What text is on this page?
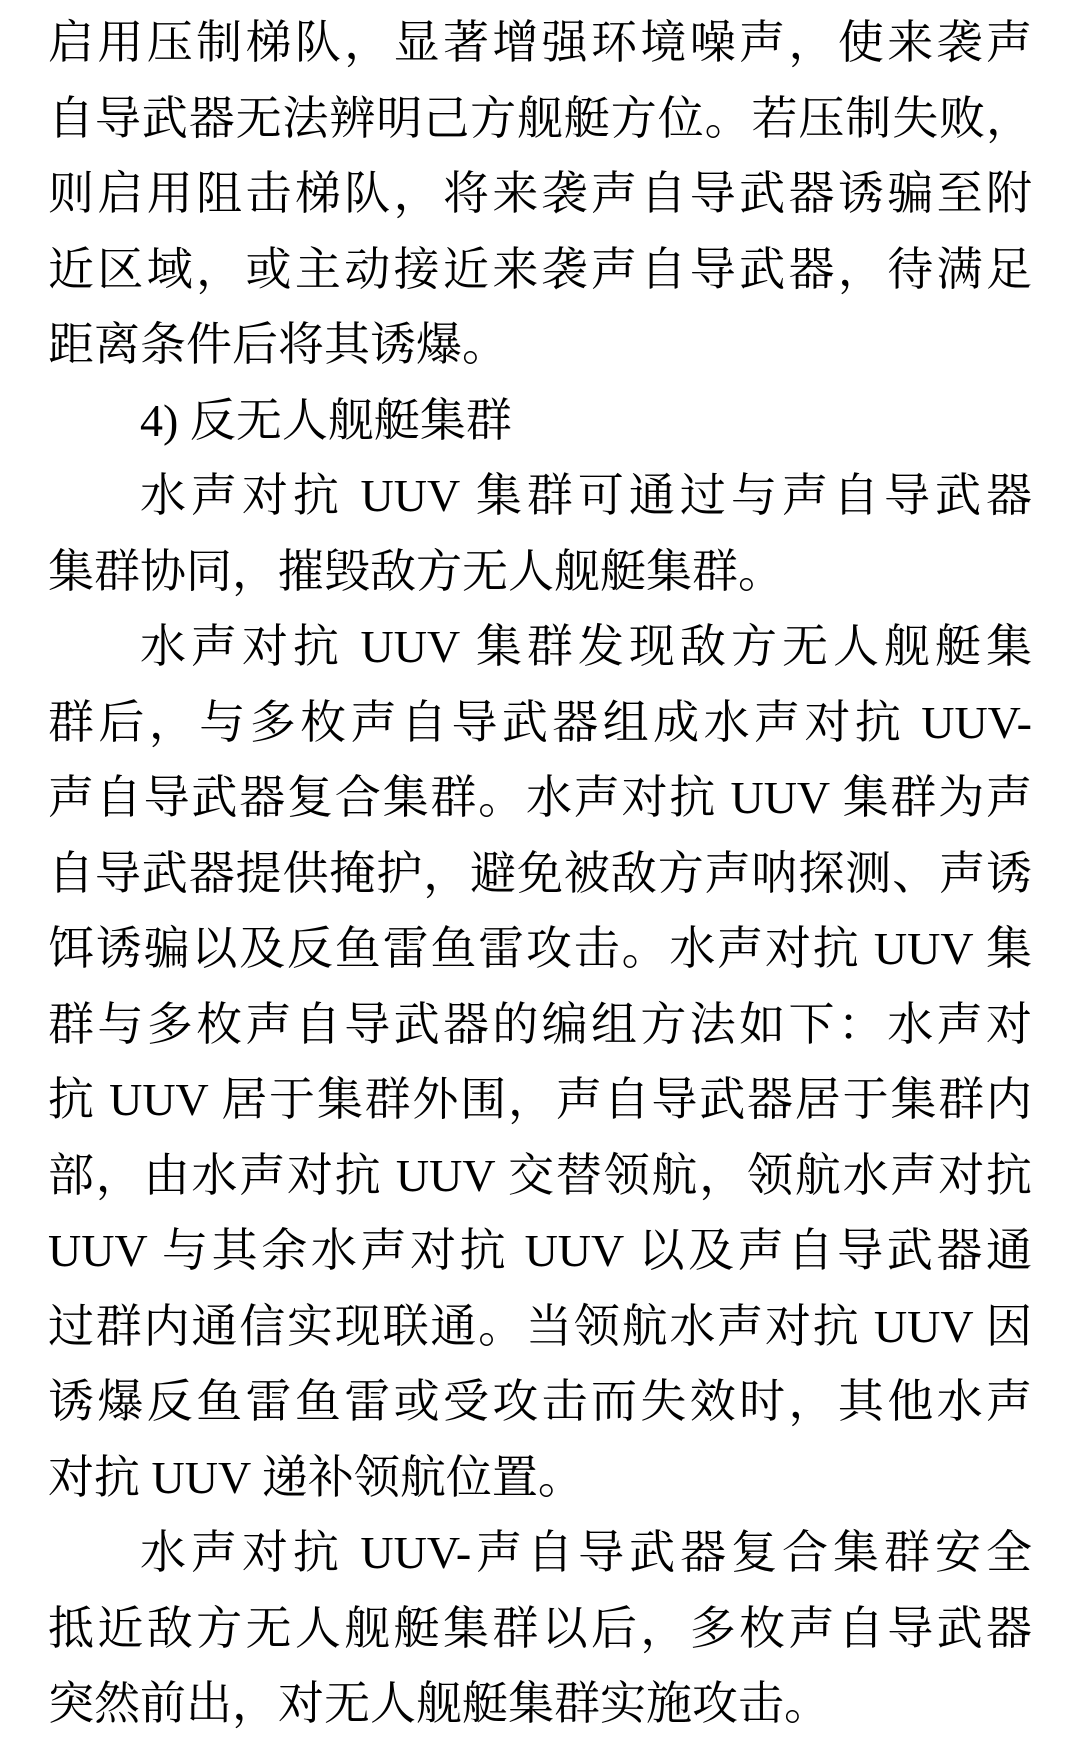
启用压制梯队，显著增强环境噪声，使来袭声
自导武器无法辨明己方舰艇方位。若压制失败，
则启用阻击梯队，将来袭声自导武器诱骗至附
近区域，或主动接近来袭声自导武器，待满足
距离条件后将其诱爆。
4) 反无人舰艇集群
水声对抗 UUV 集群可通过与声自导武器
集群协同，摧毁敌方无人舰艇集群。
水声对抗 UUV 集群发现敌方无人舰艇集
群后，与多枚声自导武器组成水声对抗 UUV-
声自导武器复合集群。水声对抗 UUV 集群为声
自导武器提供掩护，避免被敌方声呐探测、声诱
饵诱骗以及反鱼雷鱼雷攻击。水声对抗 UUV 集
群与多枚声自导武器的编组方法如下：水声对
抗 UUV 居于集群外围，声自导武器居于集群内
部，由水声对抗 UUV 交替领航，领航水声对抗
UUV 与其余水声对抗 UUV 以及声自导武器通
过群内通信实现联通。当领航水声对抗 UUV 因
诱爆反鱼雷鱼雷或受攻击而失效时，其他水声
对抗 UUV 递补领航位置。
水声对抗 UUV-声自导武器复合集群安全
抵近敌方无人舰艇集群以后，多枚声自导武器
突然前出，对无人舰艇集群实施攻击。
